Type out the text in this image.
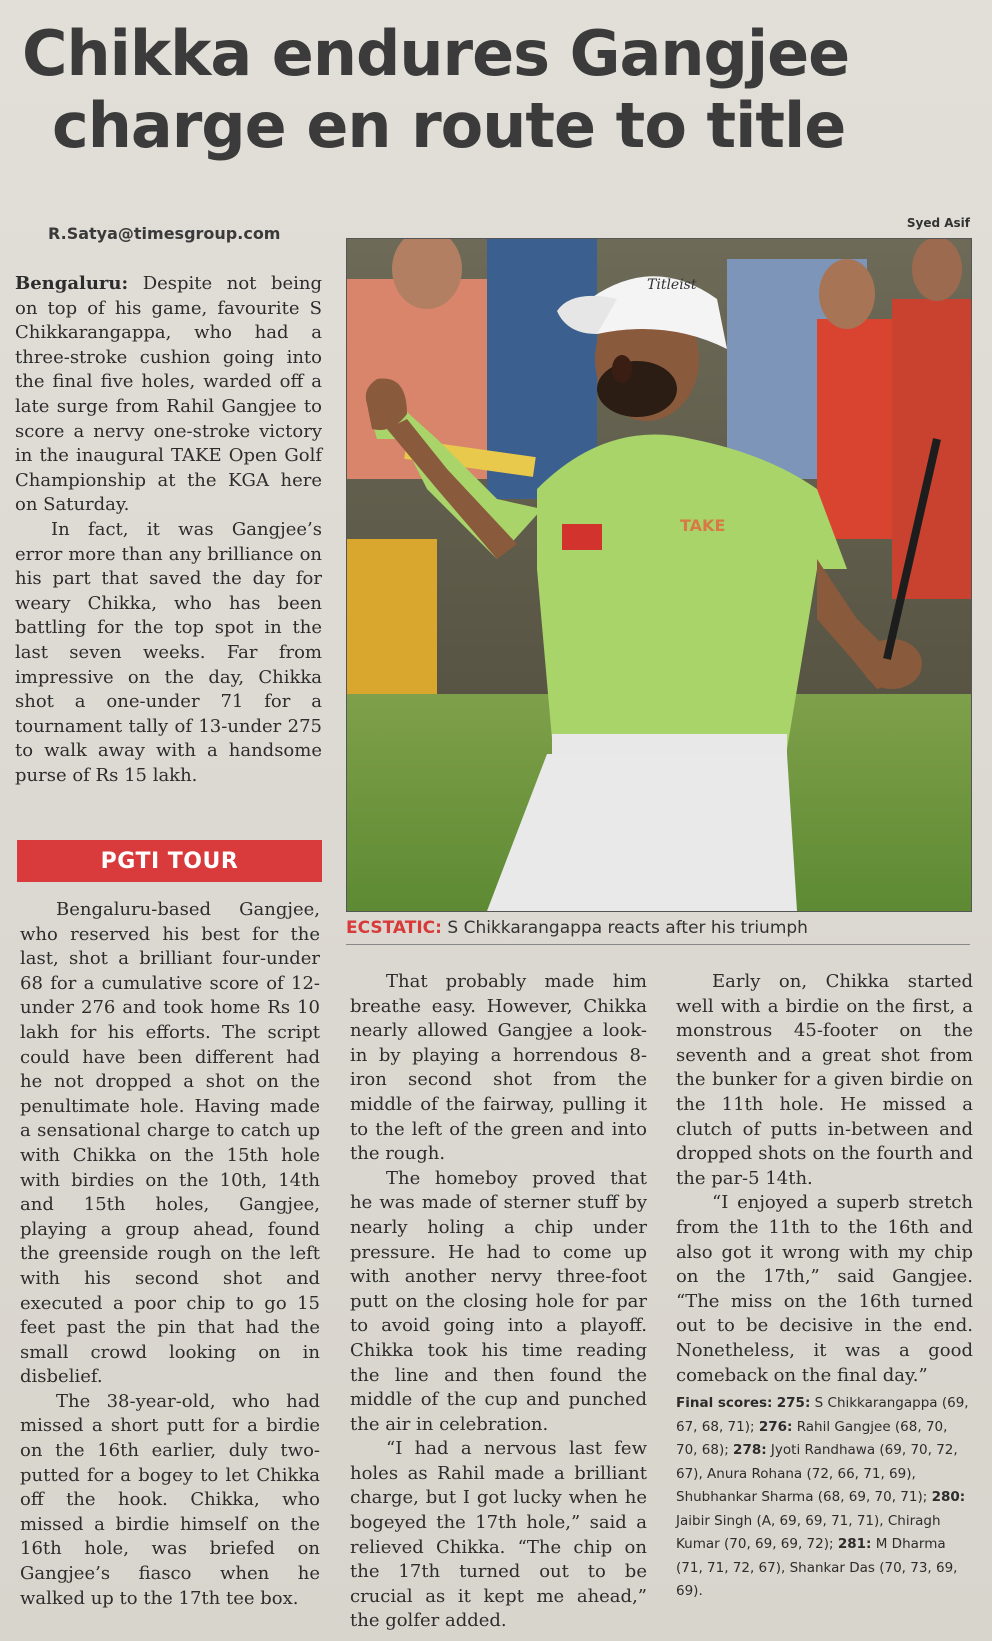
Chikka endures Gangjee
charge en route to title
R.Satya@timesgroup.com
Syed Asif
Titleist
TAKE
ECSTATIC: S Chikkarangappa reacts after his triumph

Bengaluru: Despite not being on top of his game, favourite S Chikkarangappa, who had a three-stroke cushion going into the final five holes, warded off a late surge from Rahil Gangjee to score a nervy one-stroke victory in the inaugural TAKE Open Golf Championship at the KGA here on Saturday.

In fact, it was Gangjee’s error more than any brilliance on his part that saved the day for weary Chikka, who has been battling for the top spot in the last seven weeks. Far from impressive on the day, Chikka shot a one-under 71 for a tournament tally of 13-under 275 to walk away with a handsome purse of Rs 15 lakh.

PGTI TOUR

Bengaluru-based Gangjee, who reserved his best for the last, shot a brilliant four-under 68 for a cumulative score of 12-under 276 and took home Rs 10 lakh for his efforts. The script could have been different had he not dropped a shot on the penultimate hole. Having made a sensational charge to catch up with Chikka on the 15th hole with birdies on the 10th, 14th and 15th holes, Gangjee, playing a group ahead, found the greenside rough on the left with his second shot and executed a poor chip to go 15 feet past the pin that had the small crowd looking on in disbelief.

The 38-year-old, who had missed a short putt for a birdie on the 16th earlier, duly two-putted for a bogey to let Chikka off the hook. Chikka, who missed a birdie himself on the 16th hole, was briefed on Gangjee’s fiasco when he walked up to the 17th tee box.

That probably made him breathe easy. However, Chikka nearly allowed Gangjee a look-in by playing a horrendous 8-iron second shot from the middle of the fairway, pulling it to the left of the green and into the rough.

The homeboy proved that he was made of sterner stuff by nearly holing a chip under pressure. He had to come up with another nervy three-foot putt on the closing hole for par to avoid going into a playoff. Chikka took his time reading the line and then found the middle of the cup and punched the air in celebration.

“I had a nervous last few holes as Rahil made a brilliant charge, but I got lucky when he bogeyed the 17th hole,” said a relieved Chikka. “The chip on the 17th turned out to be crucial as it kept me ahead,” the golfer added.

Early on, Chikka started well with a birdie on the first, a monstrous 45-footer on the seventh and a great shot from the bunker for a given birdie on the 11th hole. He missed a clutch of putts in-between and dropped shots on the fourth and the par-5 14th.

“I enjoyed a superb stretch from the 11th to the 16th and also got it wrong with my chip on the 17th,” said Gangjee. “The miss on the 16th turned out to be decisive in the end. Nonetheless, it was a good comeback on the final day.”

Final scores: 275: S Chikkarangappa (69, 67, 68, 71); 276: Rahil Gangjee (68, 70, 70, 68); 278: Jyoti Randhawa (69, 70, 72, 67), Anura Rohana (72, 66, 71, 69), Shubhankar Sharma (68, 69, 70, 71); 280: Jaibir Singh (A, 69, 69, 71, 71), Chiragh Kumar (70, 69, 69, 72); 281: M Dharma (71, 71, 72, 67), Shankar Das (70, 73, 69, 69).
